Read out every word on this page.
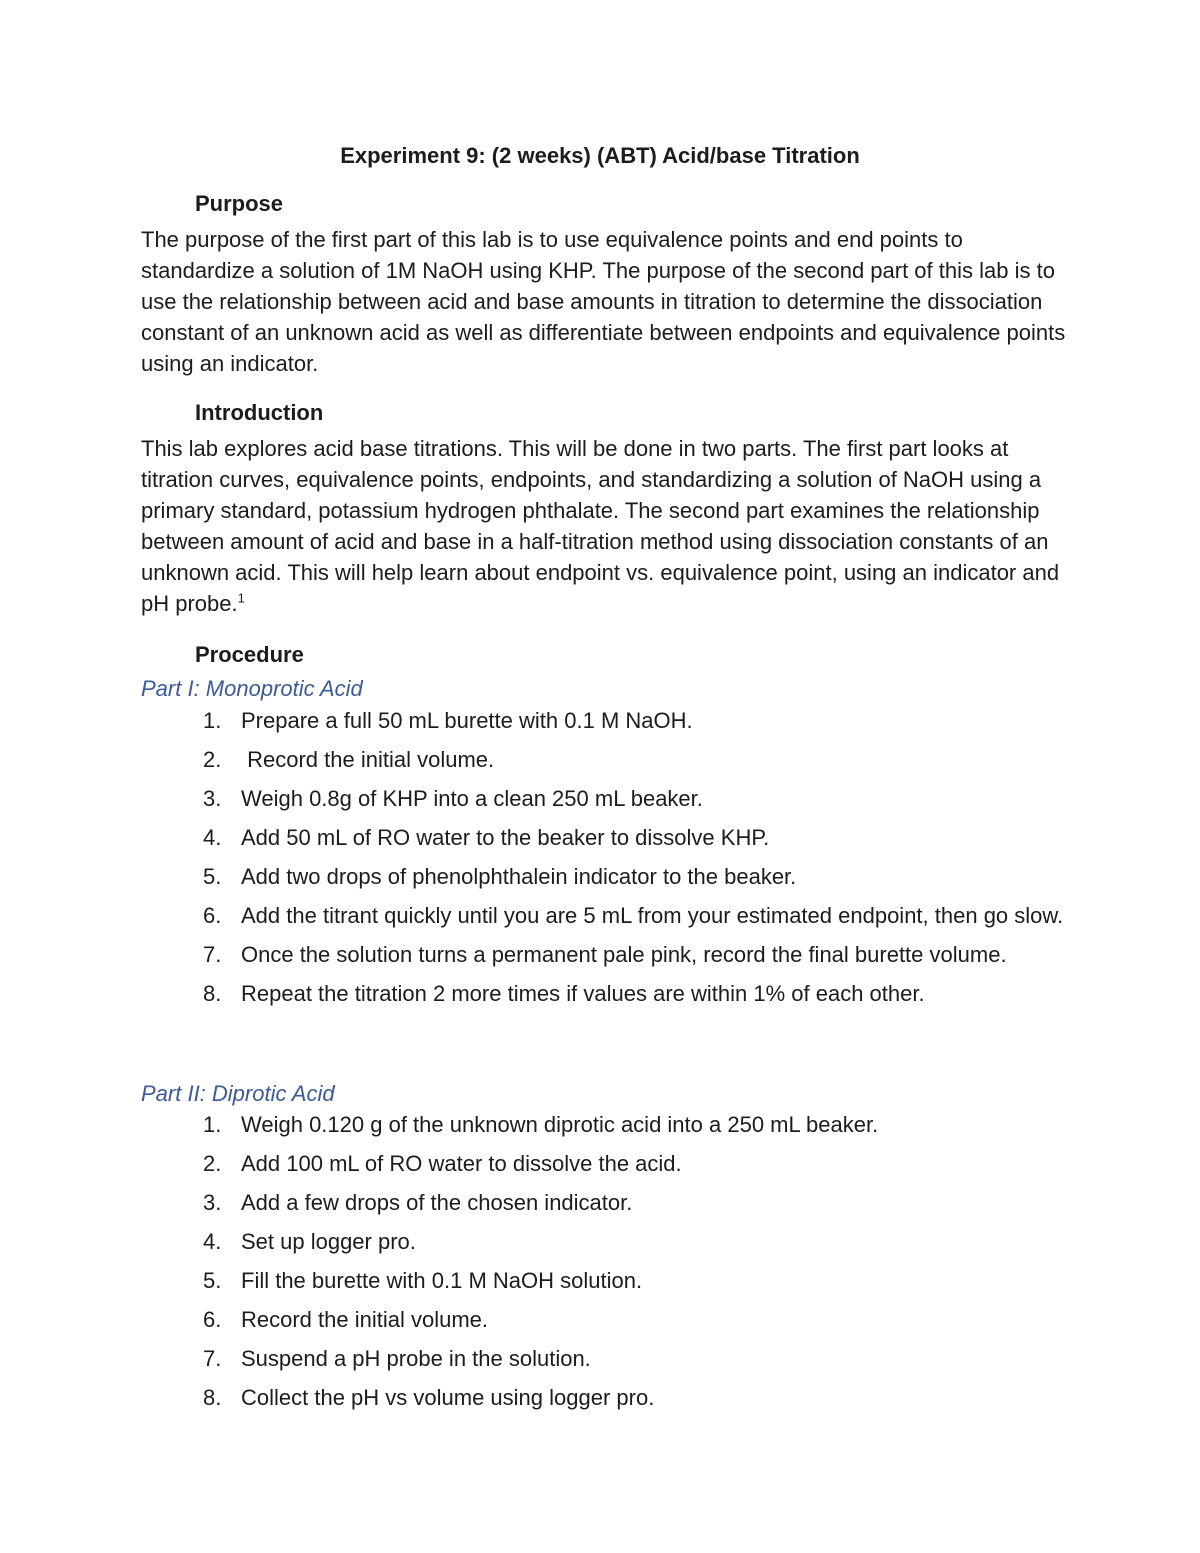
Experiment 9: (2 weeks) (ABT) Acid/base Titration
Purpose
The purpose of the first part of this lab is to use equivalence points and end points to standardize a solution of 1M NaOH using KHP. The purpose of the second part of this lab is to use the relationship between acid and base amounts in titration to determine the dissociation constant of an unknown acid as well as differentiate between endpoints and equivalence points using an indicator.
Introduction
This lab explores acid base titrations. This will be done in two parts. The first part looks at titration curves, equivalence points, endpoints, and standardizing a solution of NaOH using a primary standard, potassium hydrogen phthalate. The second part examines the relationship between amount of acid and base in a half-titration method using dissociation constants of an unknown acid. This will help learn about endpoint vs. equivalence point, using an indicator and pH probe.$^1$
Procedure
Part I: Monoprotic Acid
1. Prepare a full 50 mL burette with 0.1 M NaOH.
2. Record the initial volume.
3. Weigh 0.8g of KHP into a clean 250 mL beaker.
4. Add 50 mL of RO water to the beaker to dissolve KHP.
5. Add two drops of phenolphthalein indicator to the beaker.
6. Add the titrant quickly until you are 5 mL from your estimated endpoint, then go slow.
7. Once the solution turns a permanent pale pink, record the final burette volume.
8. Repeat the titration 2 more times if values are within 1% of each other.
Part II: Diprotic Acid
1. Weigh 0.120 g of the unknown diprotic acid into a 250 mL beaker.
2. Add 100 mL of RO water to dissolve the acid.
3. Add a few drops of the chosen indicator.
4. Set up logger pro.
5. Fill the burette with 0.1 M NaOH solution.
6. Record the initial volume.
7. Suspend a pH probe in the solution.
8. Collect the pH vs volume using logger pro.
